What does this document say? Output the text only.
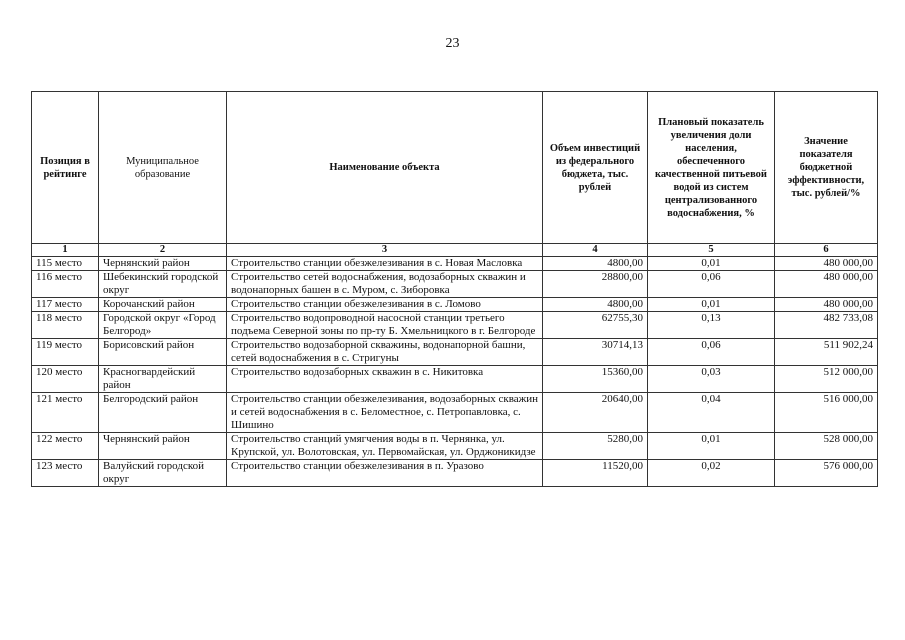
23
Позиция в рейтинге	Муниципальное образование	Наименование объекта	Объем инвестиций из федерального бюджета, тыс. рублей	Плановый показатель увеличения доли населения, обеспеченного качественной питьевой водой из систем централизованного водоснабжения, %	Значение показателя бюджетной эффективности, тыс. рублей/%
1	2	3	4	5	6
115 место	Чернянский район	Строительство станции обезжелезивания в с. Новая Масловка	4800,00	0,01	480 000,00
116 место	Шебекинский городской округ	Строительство сетей водоснабжения, водозаборных скважин и водонапорных башен в с. Муром, с. Зиборовка	28800,00	0,06	480 000,00
117 место	Корочанский район	Строительство станции обезжелезивания в с. Ломово	4800,00	0,01	480 000,00
118 место	Городской округ «Город Белгород»	Строительство водопроводной насосной станции третьего подъема Северной зоны по пр-ту Б. Хмельницкого в г. Белгороде	62755,30	0,13	482 733,08
119 место	Борисовский район	Строительство водозаборной скважины, водонапорной башни, сетей водоснабжения в с. Стригуны	30714,13	0,06	511 902,24
120 место	Красногвардейский район	Строительство водозаборных скважин в с. Никитовка	15360,00	0,03	512 000,00
121 место	Белгородский район	Строительство станции обезжелезивания, водозаборных скважин и сетей водоснабжения в с. Беломестное, с. Петропавловка, с. Шишино	20640,00	0,04	516 000,00
122 место	Чернянский район	Строительство станций умягчения воды в п. Чернянка, ул. Крупской, ул. Волотовская, ул. Первомайская, ул. Орджоникидзе	5280,00	0,01	528 000,00
123 место	Валуйский городской округ	Строительство станции обезжелезивания в п. Уразово	11520,00	0,02	576 000,00
